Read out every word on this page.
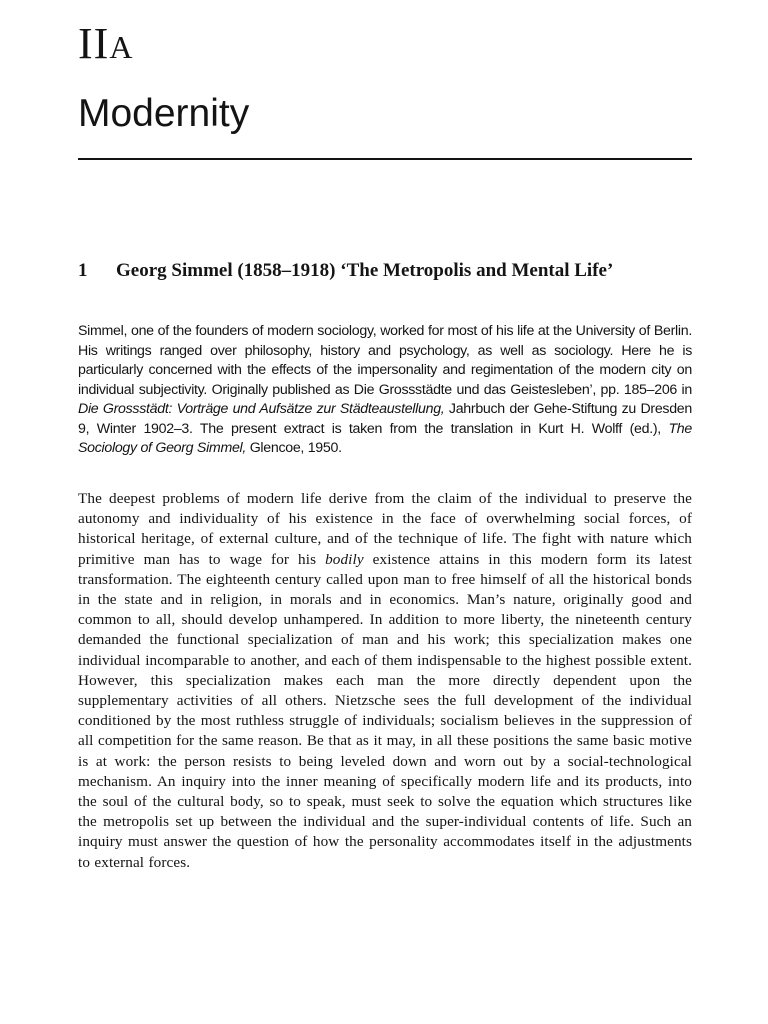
IIA
Modernity
1	Georg Simmel (1858–1918) ‘The Metropolis and Mental Life’

Simmel, one of the founders of modern sociology, worked for most of his life at the University of Berlin. His writings ranged over philosophy, history and psychology, as well as sociology. Here he is particularly concerned with the effects of the impersonality and regimentation of the modern city on individual subjectivity. Originally published as Die Grossstädte und das Geistesleben’, pp. 185–206 in Die Grossstädt: Vorträge und Aufsätze zur Städteaustellung, Jahrbuch der Gehe-Stiftung zu Dresden 9, Winter 1902–3. The present extract is taken from the translation in Kurt H. Wolff (ed.), The Sociology of Georg Simmel, Glencoe, 1950.

The deepest problems of modern life derive from the claim of the individual to preserve the autonomy and individuality of his existence in the face of overwhelming social forces, of historical heritage, of external culture, and of the technique of life. The fight with nature which primitive man has to wage for his bodily existence attains in this modern form its latest transformation. The eighteenth century called upon man to free himself of all the historical bonds in the state and in religion, in morals and in economics. Man’s nature, originally good and common to all, should develop unhampered. In addition to more liberty, the nineteenth century demanded the functional specialization of man and his work; this specialization makes one individual incomparable to another, and each of them indispensable to the highest possible extent. However, this specialization makes each man the more directly dependent upon the supplementary activities of all others. Nietzsche sees the full development of the individual conditioned by the most ruthless struggle of individuals; socialism believes in the suppression of all competition for the same reason. Be that as it may, in all these positions the same basic motive is at work: the person resists to being leveled down and worn out by a social-technological mechanism. An inquiry into the inner meaning of specifically modern life and its products, into the soul of the cultural body, so to speak, must seek to solve the equation which structures like the metropolis set up between the individual and the super-individual contents of life. Such an inquiry must answer the question of how the personality accommodates itself in the adjustments to external forces.
